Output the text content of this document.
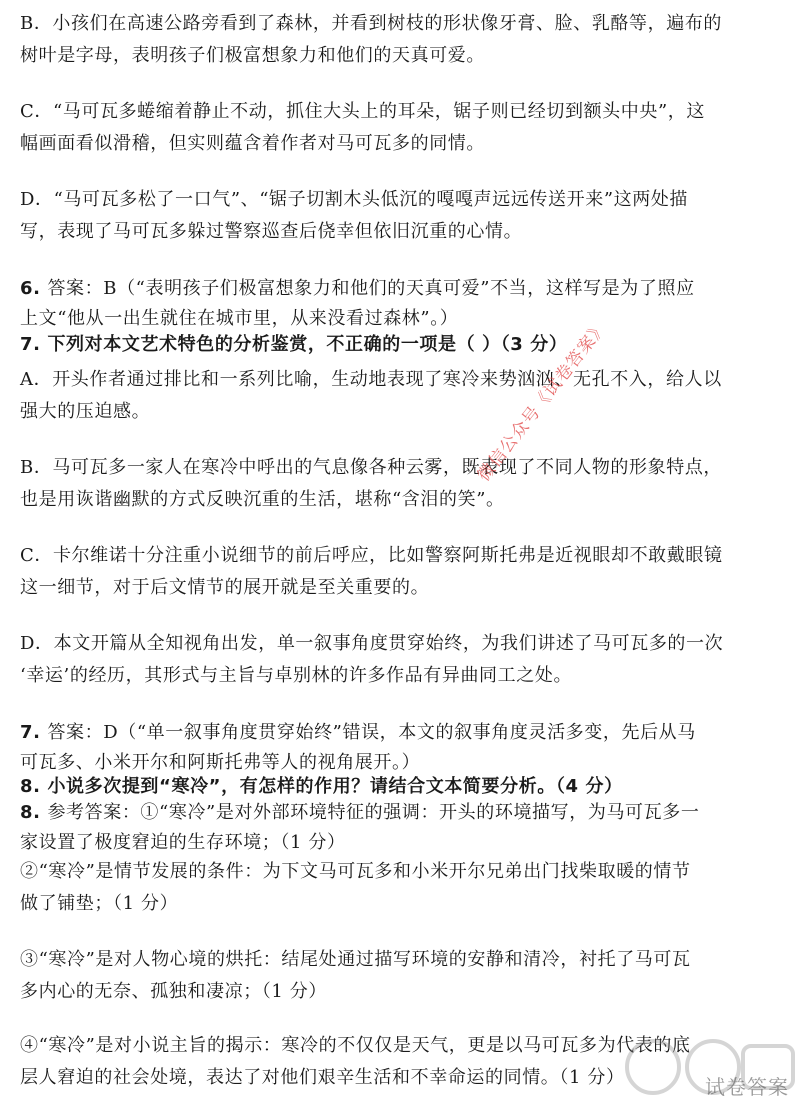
B．小孩们在高速公路旁看到了森林，并看到树枝的形状像牙膏、脸、乳酪等，遍布的
树叶是字母，表明孩子们极富想象力和他们的天真可爱。
C．“马可瓦多蜷缩着静止不动，抓住大头上的耳朵，锯子则已经切到额头中央”，这
幅画面看似滑稽，但实则蕴含着作者对马可瓦多的同情。
D．“马可瓦多松了一口气”、“锯子切割木头低沉的嘎嘎声远远传送开来”这两处描
写，表现了马可瓦多躲过警察巡查后侥幸但依旧沉重的心情。
6. 答案：B（“表明孩子们极富想象力和他们的天真可爱”不当，这样写是为了照应
上文“他从一出生就住在城市里，从来没看过森林”。）
7. 下列对本文艺术特色的分析鉴赏，不正确的一项是（ ）（3 分）
A．开头作者通过排比和一系列比喻，生动地表现了寒冷来势汹汹、无孔不入，给人以
强大的压迫感。
B．马可瓦多一家人在寒冷中呼出的气息像各种云雾，既表现了不同人物的形象特点，
也是用诙谐幽默的方式反映沉重的生活，堪称“含泪的笑”。
C．卡尔维诺十分注重小说细节的前后呼应，比如警察阿斯托弗是近视眼却不敢戴眼镜
这一细节，对于后文情节的展开就是至关重要的。
D．本文开篇从全知视角出发，单一叙事角度贯穿始终，为我们讲述了马可瓦多的一次
‘幸运’的经历，其形式与主旨与卓别林的许多作品有异曲同工之处。
7. 答案：D（“单一叙事角度贯穿始终”错误，本文的叙事角度灵活多变，先后从马
可瓦多、小米开尔和阿斯托弗等人的视角展开。）
8. 小说多次提到“寒冷”，有怎样的作用？请结合文本简要分析。（4 分）
8. 参考答案：①“寒冷”是对外部环境特征的强调：开头的环境描写，为马可瓦多一
家设置了极度窘迫的生存环境；（1 分）
②“寒冷”是情节发展的条件：为下文马可瓦多和小米开尔兄弟出门找柴取暖的情节
做了铺垫；（1 分）
③“寒冷”是对人物心境的烘托：结尾处通过描写环境的安静和清冷，衬托了马可瓦
多内心的无奈、孤独和凄凉；（1 分）
④“寒冷”是对小说主旨的揭示：寒冷的不仅仅是天气，更是以马可瓦多为代表的底
层人窘迫的社会处境，表达了对他们艰辛生活和不幸命运的同情。（1 分）
微信公众号《试卷答案》
试卷答案
